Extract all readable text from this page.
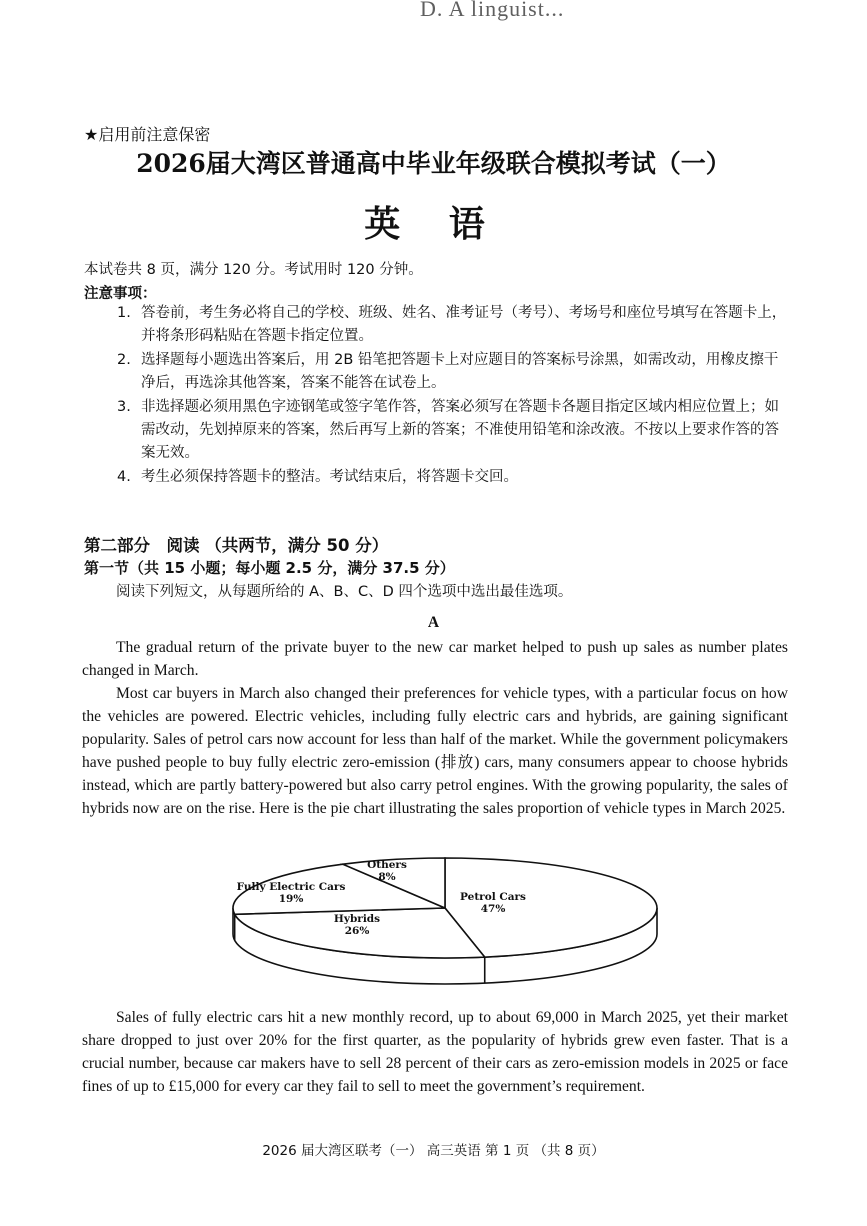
D. A linguist...
★启用前注意保密
2026届大湾区普通高中毕业年级联合模拟考试（一）
英 语
本试卷共 8 页，满分 120 分。考试用时 120 分钟。
注意事项：
1. 答卷前，考生务必将自己的学校、班级、姓名、准考证号（考号）、考场号和座位号填写在答题卡上，并将条形码粘贴在答题卡指定位置。
2. 选择题每小题选出答案后，用 2B 铅笔把答题卡上对应题目的答案标号涂黑，如需改动，用橡皮擦干净后，再选涂其他答案，答案不能答在试卷上。
3. 非选择题必须用黑色字迹钢笔或签字笔作答，答案必须写在答题卡各题目指定区域内相应位置上；如需改动，先划掉原来的答案，然后再写上新的答案；不准使用铅笔和涂改液。不按以上要求作答的答案无效。
4. 考生必须保持答题卡的整洁。考试结束后，将答题卡交回。
第二部分　阅读 （共两节，满分 50 分）
第一节（共 15 小题；每小题 2.5 分，满分 37.5 分）
阅读下列短文，从每题所给的 A、B、C、D 四个选项中选出最佳选项。
A

The gradual return of the private buyer to the new car market helped to push up sales as number plates changed in March.

Most car buyers in March also changed their preferences for vehicle types, with a particular focus on how the vehicles are powered. Electric vehicles, including fully electric cars and hybrids, are gaining significant popularity. Sales of petrol cars now account for less than half of the market. While the government policymakers have pushed people to buy fully electric zero-emission (排放) cars, many consumers appear to choose hybrids instead, which are partly battery-powered but also carry petrol engines. With the growing popularity, the sales of hybrids now are on the rise. Here is the pie chart illustrating the sales proportion of vehicle types in March 2025.

Petrol Cars
47%
Hybrids
26%
Fully Electric Cars
19%
Others
8%

Sales of fully electric cars hit a new monthly record, up to about 69,000 in March 2025, yet their market share dropped to just over 20% for the first quarter, as the popularity of hybrids grew even faster. That is a crucial number, because car makers have to sell 28 percent of their cars as zero-emission models in 2025 or face fines of up to £15,000 for every car they fail to sell to meet the government’s requirement.

2026 届大湾区联考（一） 高三英语 第 1 页 （共 8 页）
